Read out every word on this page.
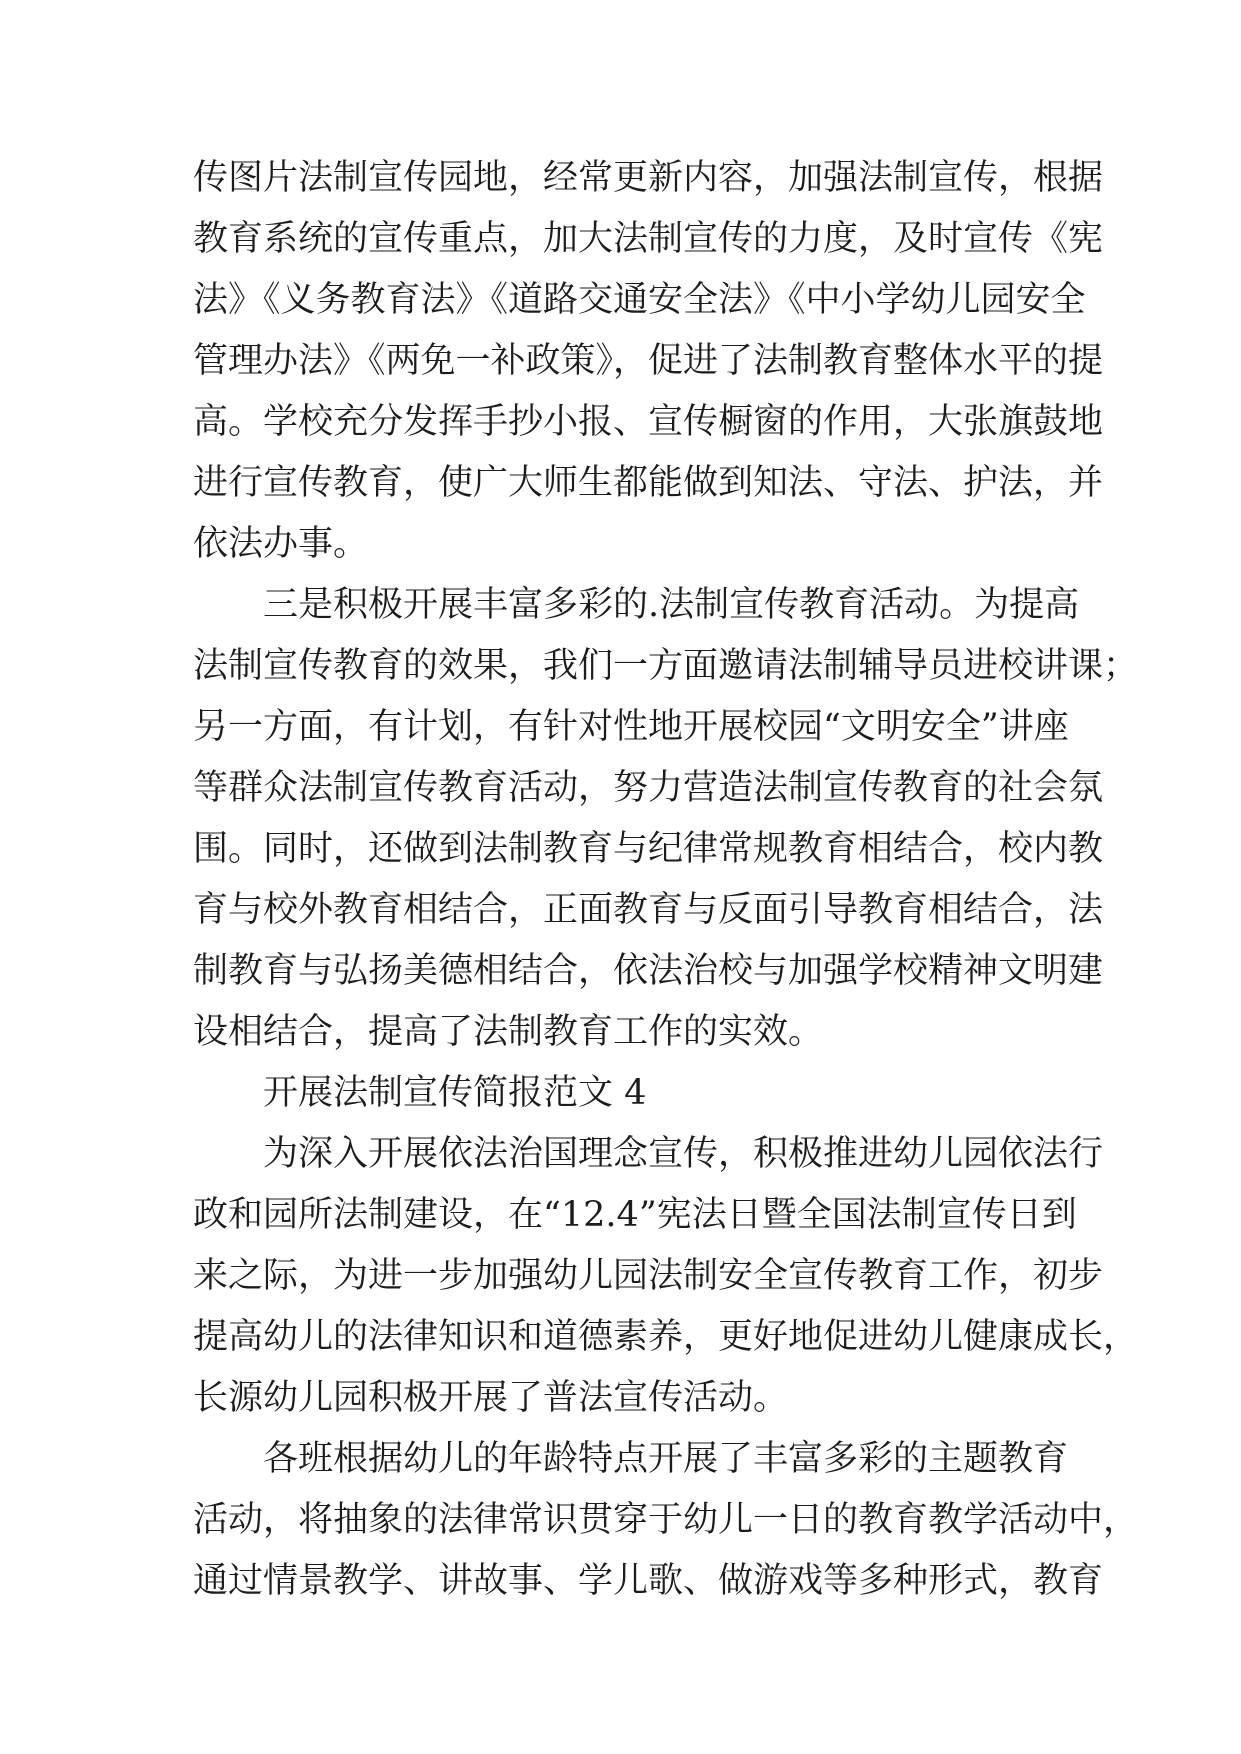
传图片法制宣传园地，经常更新内容，加强法制宣传，根据
教育系统的宣传重点，加大法制宣传的力度，及时宣传《宪
法》《义务教育法》《道路交通安全法》《中小学幼儿园安全
管理办法》《两免一补政策》，促进了法制教育整体水平的提
高。学校充分发挥手抄小报、宣传橱窗的作用，大张旗鼓地
进行宣传教育，使广大师生都能做到知法、守法、护法，并
依法办事。
三是积极开展丰富多彩的.法制宣传教育活动。为提高
法制宣传教育的效果，我们一方面邀请法制辅导员进校讲课；
另一方面，有计划，有针对性地开展校园“文明安全”讲座
等群众法制宣传教育活动，努力营造法制宣传教育的社会氛
围。同时，还做到法制教育与纪律常规教育相结合，校内教
育与校外教育相结合，正面教育与反面引导教育相结合，法
制教育与弘扬美德相结合，依法治校与加强学校精神文明建
设相结合，提高了法制教育工作的实效。
开展法制宣传简报范文 4
为深入开展依法治国理念宣传，积极推进幼儿园依法行
政和园所法制建设，在“12.4”宪法日暨全国法制宣传日到
来之际，为进一步加强幼儿园法制安全宣传教育工作，初步
提高幼儿的法律知识和道德素养，更好地促进幼儿健康成长，
长源幼儿园积极开展了普法宣传活动。
各班根据幼儿的年龄特点开展了丰富多彩的主题教育
活动，将抽象的法律常识贯穿于幼儿一日的教育教学活动中，
通过情景教学、讲故事、学儿歌、做游戏等多种形式，教育
